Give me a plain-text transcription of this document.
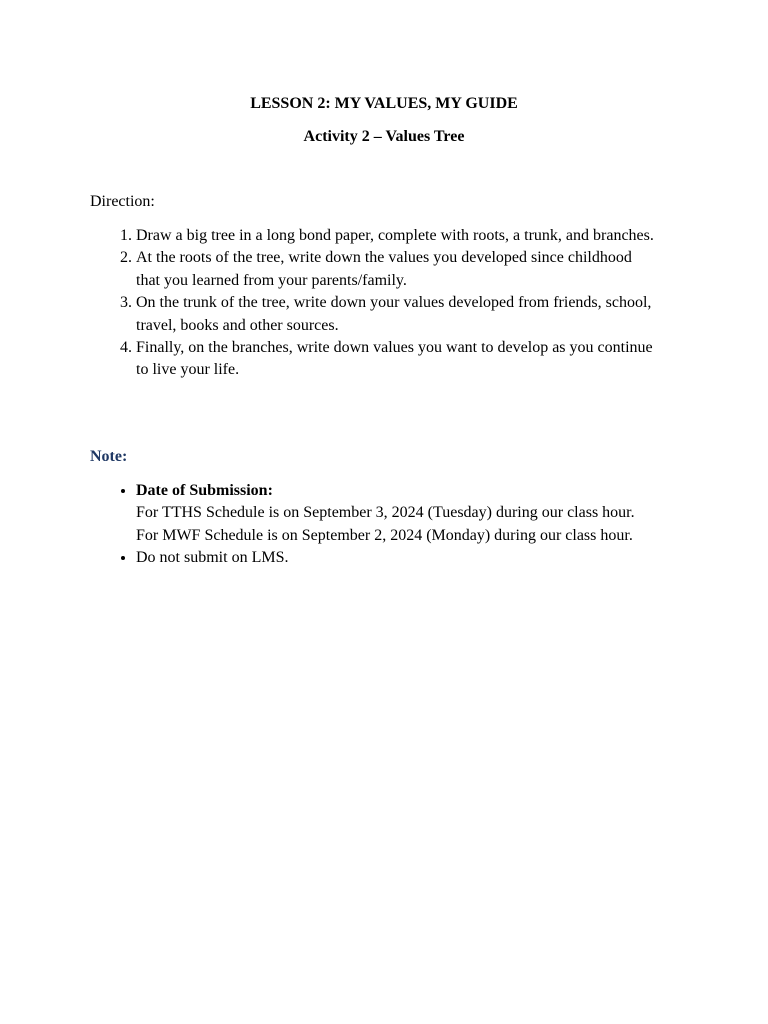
LESSON 2: MY VALUES, MY GUIDE
Activity 2 – Values Tree
Direction:
1. Draw a big tree in a long bond paper, complete with roots, a trunk, and branches.
2. At the roots of the tree, write down the values you developed since childhood that you learned from your parents/family.
3. On the trunk of the tree, write down your values developed from friends, school, travel, books and other sources.
4. Finally, on the branches, write down values you want to develop as you continue to live your life.
Note:
• Date of Submission:
For TTHS Schedule is on September 3, 2024 (Tuesday) during our class hour.
For MWF Schedule is on September 2, 2024 (Monday) during our class hour.
• Do not submit on LMS.
